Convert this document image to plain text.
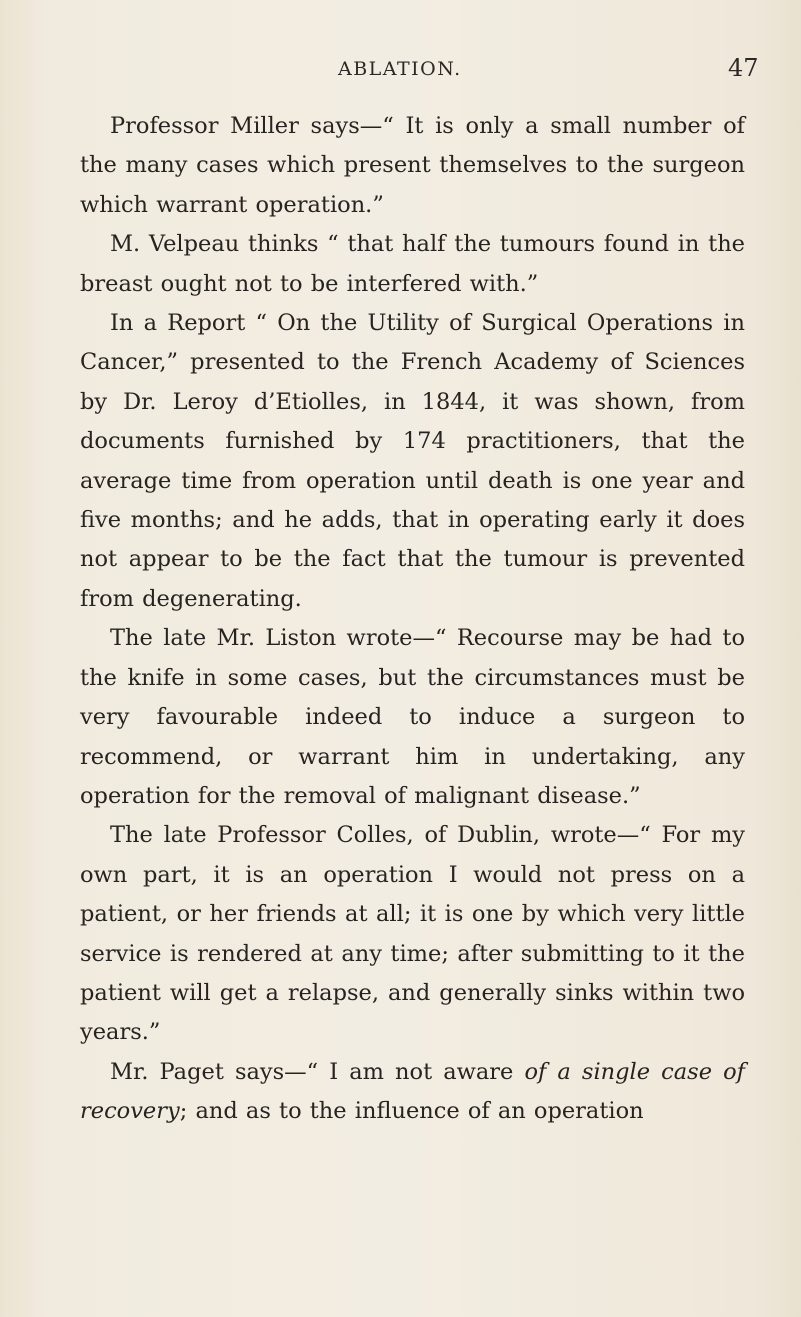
ABLATION.	47

Professor Miller says—“ It is only a small number of the many cases which present themselves to the surgeon which warrant operation.”

M. Velpeau thinks “ that half the tumours found in the breast ought not to be interfered with.”

In a Report “ On the Utility of Surgical Operations in Cancer,” presented to the French Academy of Sciences by Dr. Leroy d’Etiolles, in 1844, it was shown, from documents furnished by 174 practitioners, that the average time from operation until death is one year and five months; and he adds, that in operating early it does not appear to be the fact that the tumour is prevented from degenerating.

The late Mr. Liston wrote—“ Recourse may be had to the knife in some cases, but the circumstances must be very favourable indeed to induce a surgeon to recommend, or warrant him in undertaking, any operation for the removal of malignant disease.”

The late Professor Colles, of Dublin, wrote—“ For my own part, it is an operation I would not press on a patient, or her friends at all; it is one by which very little service is rendered at any time; after submitting to it the patient will get a relapse, and generally sinks within two years.”

Mr. Paget says—“ I am not aware of a single case of recovery; and as to the influence of an operation
